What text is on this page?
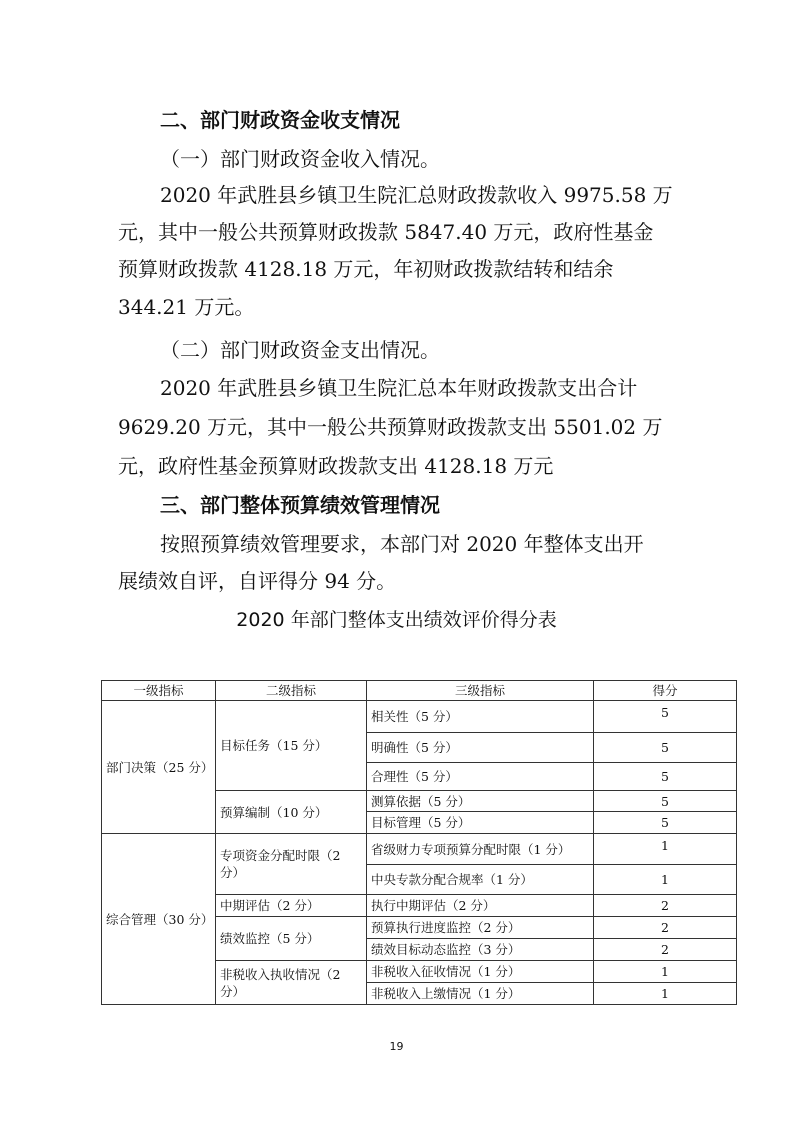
二、部门财政资金收支情况
（一）部门财政资金收入情况。
2020 年武胜县乡镇卫生院汇总财政拨款收入 9975.58 万
元，其中一般公共预算财政拨款 5847.40 万元，政府性基金
预算财政拨款 4128.18 万元，年初财政拨款结转和结余
344.21 万元。
（二）部门财政资金支出情况。
2020 年武胜县乡镇卫生院汇总本年财政拨款支出合计
9629.20 万元，其中一般公共预算财政拨款支出 5501.02 万
元，政府性基金预算财政拨款支出 4128.18 万元
三、部门整体预算绩效管理情况
按照预算绩效管理要求，本部门对 2020 年整体支出开
展绩效自评，自评得分 94 分。
2020 年部门整体支出绩效评价得分表
一级指标	二级指标	三级指标	得分
部门决策（25 分）	目标任务（15 分）	相关性（5 分）	5
		明确性（5 分）	5
		合理性（5 分）	5
	预算编制（10 分）	测算依据（5 分）	5
		目标管理（5 分）	5
综合管理（30 分）	专项资金分配时限（2 分）	省级财力专项预算分配时限（1 分）	1
		中央专款分配合规率（1 分）	1
	中期评估（2 分）	执行中期评估（2 分）	2
	绩效监控（5 分）	预算执行进度监控（2 分）	2
		绩效目标动态监控（3 分）	2
	非税收入执收情况（2 分）	非税收入征收情况（1 分）	1
		非税收入上缴情况（1 分）	1
19
